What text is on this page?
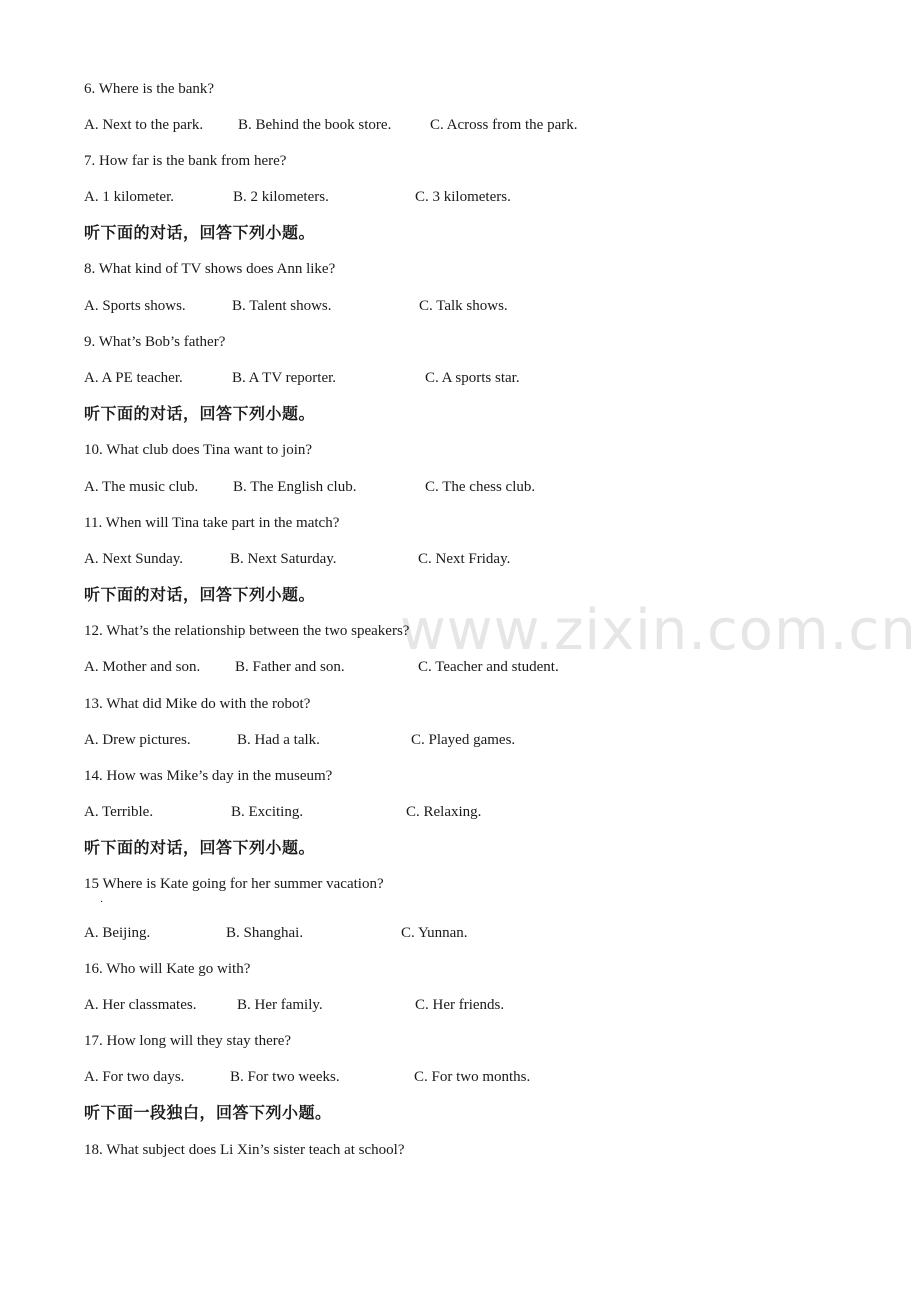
www.zixin.com.cn
6. Where is the bank?
A. Next to the park. B. Behind the book store.	C. Across from the park.
7. How far is the bank from here?
A. 1 kilometer.	B. 2 kilometers.	C. 3 kilometers.
听下面的对话，回答下列小题。
8. What kind of TV shows does Ann like?
A. Sports shows.	B. Talent shows.	C. Talk shows.
9. What’s Bob’s father?
A. A PE teacher.	B. A TV reporter.	C. A sports star.
听下面的对话，回答下列小题。
10. What club does Tina want to join?
A. The music club. B. The English club.	C. The chess club.
11. When will Tina take part in the match?
A. Next Sunday.	B. Next Saturday.	C. Next Friday.
听下面的对话，回答下列小题。
12. What’s the relationship between the two speakers?
A. Mother and son. B. Father and son.	C. Teacher and student.
13. What did Mike do with the robot?
A. Drew pictures.	B. Had a talk.	C. Played games.
14. How was Mike’s day in the museum?
A. Terrible.	B. Exciting.	C. Relaxing.
听下面的对话，回答下列小题。
15 Where is Kate going for her summer vacation?
．
A. Beijing.	B. Shanghai.	C. Yunnan.
16. Who will Kate go with?
A. Her classmates.	B. Her family.	C. Her friends.
17. How long will they stay there?
A. For two days.	B. For two weeks.	C. For two months.
听下面一段独白，回答下列小题。
18. What subject does Li Xin’s sister teach at school?
